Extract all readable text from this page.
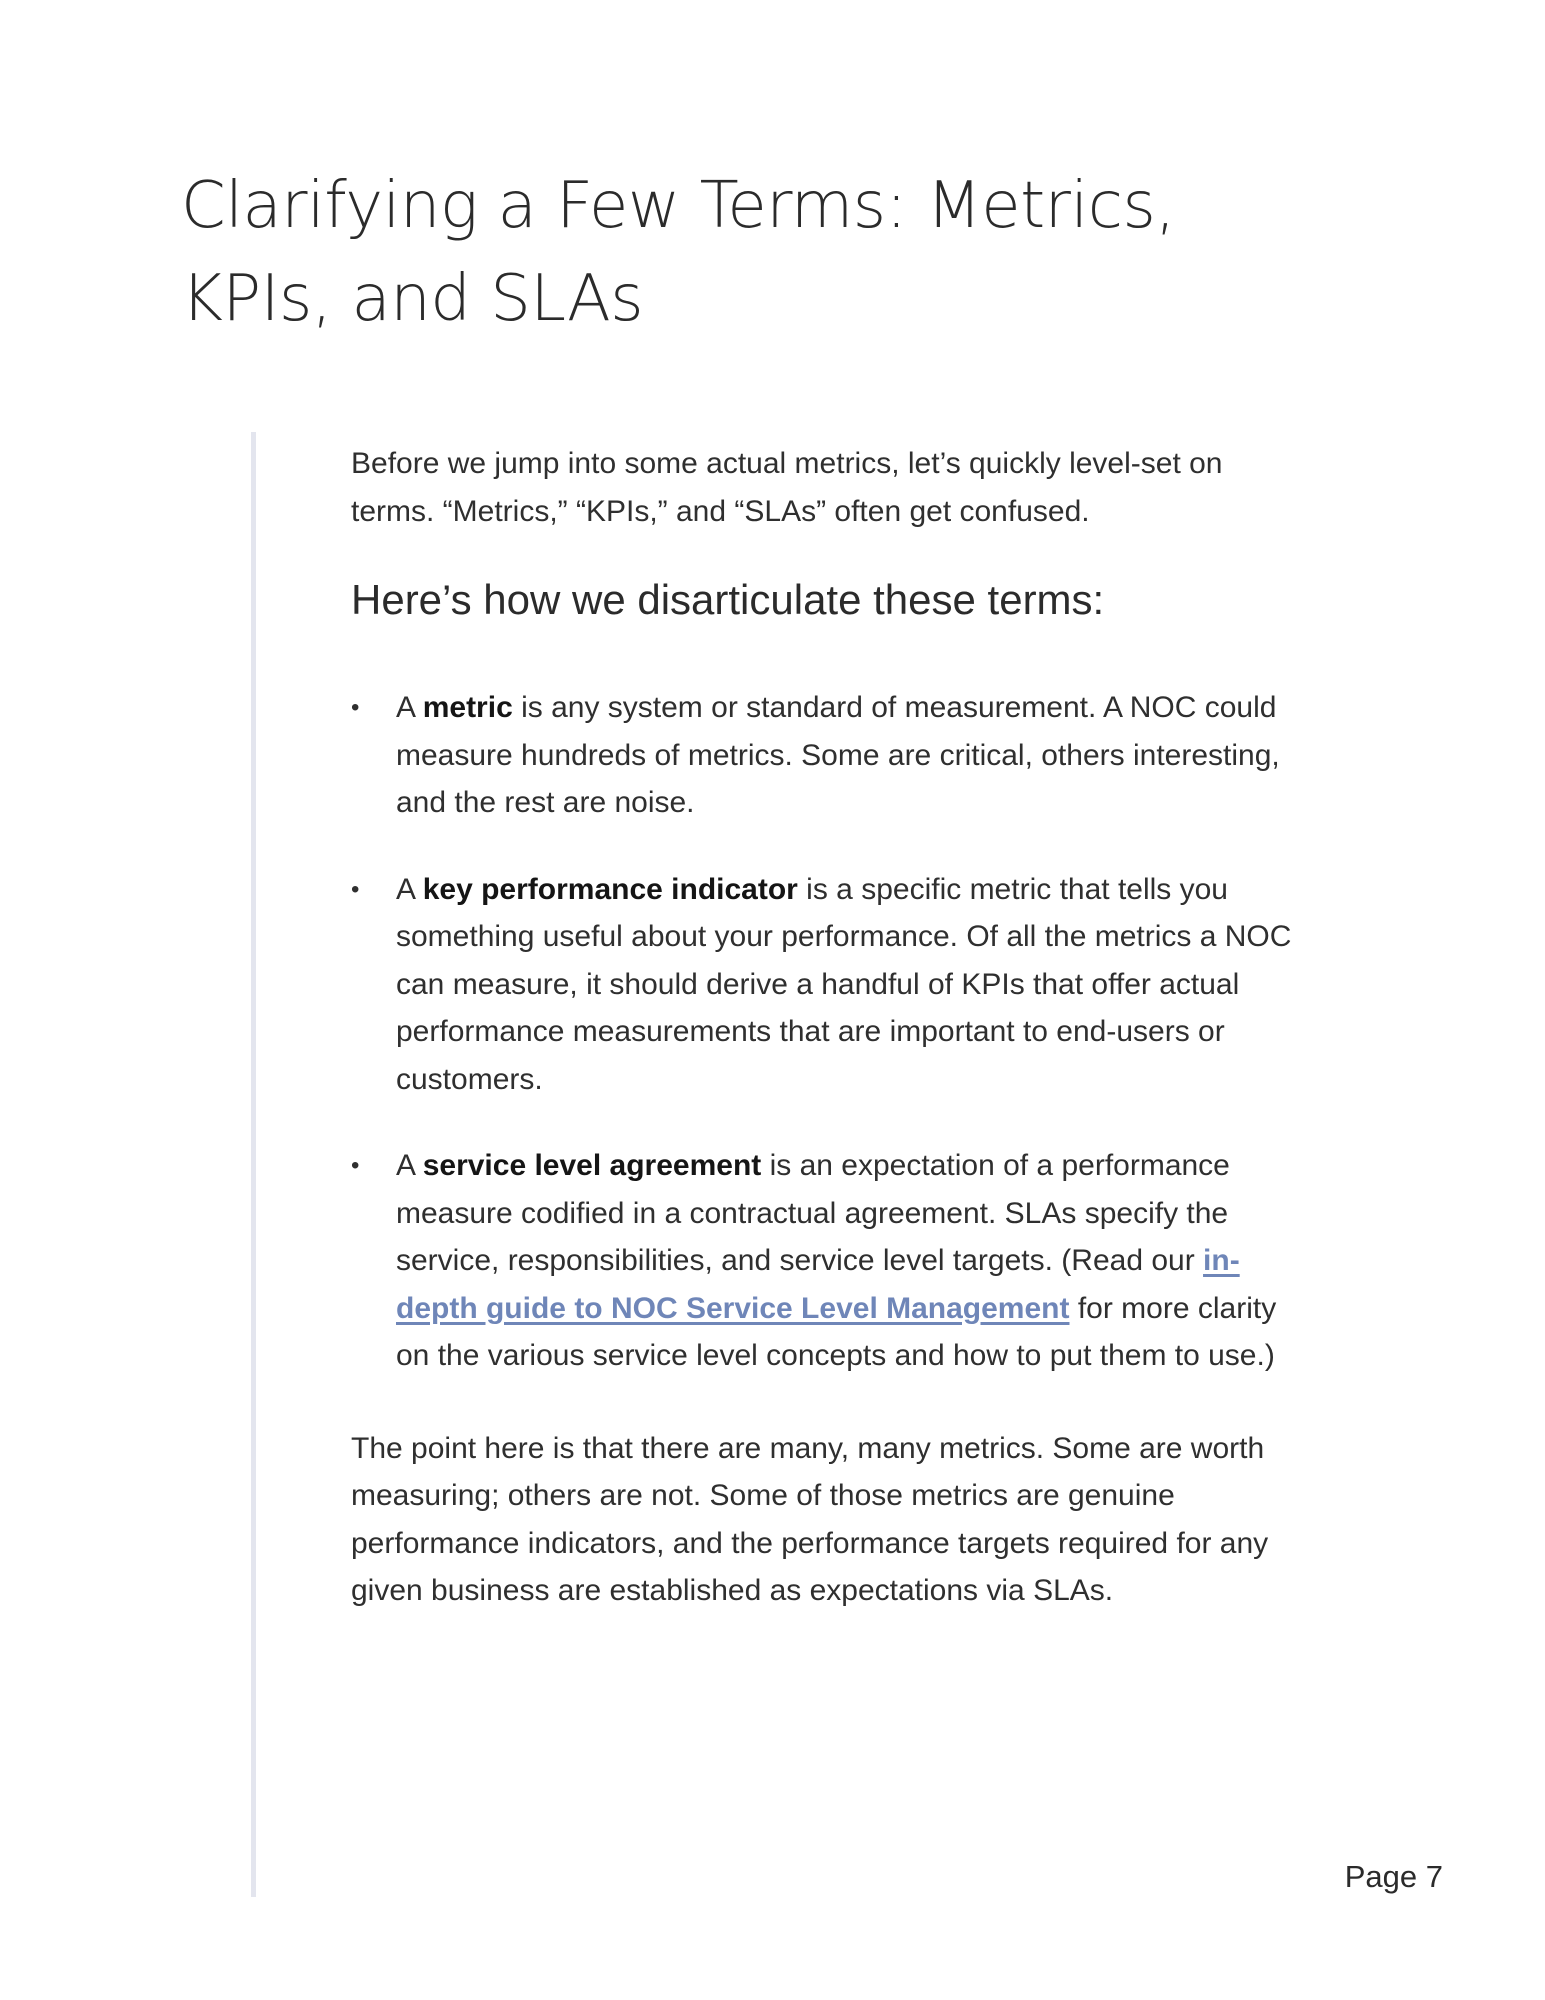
Clarifying a Few Terms: Metrics,
KPIs, and SLAs

Before we jump into some actual metrics, let’s quickly level-set on terms. “Metrics,” “KPIs,” and “SLAs” often get confused.

Here’s how we disarticulate these terms:
•	A metric is any system or standard of measurement. A NOC could measure hundreds of metrics. Some are critical, others interesting, and the rest are noise.
•	A key performance indicator is a specific metric that tells you something useful about your performance. Of all the metrics a NOC can measure, it should derive a handful of KPIs that offer actual performance measurements that are important to end-users or customers.
•	A service level agreement is an expectation of a performance measure codified in a contractual agreement. SLAs specify the service, responsibilities, and service level targets. (Read our in-depth guide to NOC Service Level Management for more clarity on the various service level concepts and how to put them to use.)

The point here is that there are many, many metrics. Some are worth measuring; others are not. Some of those metrics are genuine performance indicators, and the performance targets required for any given business are established as expectations via SLAs.

Page 7
